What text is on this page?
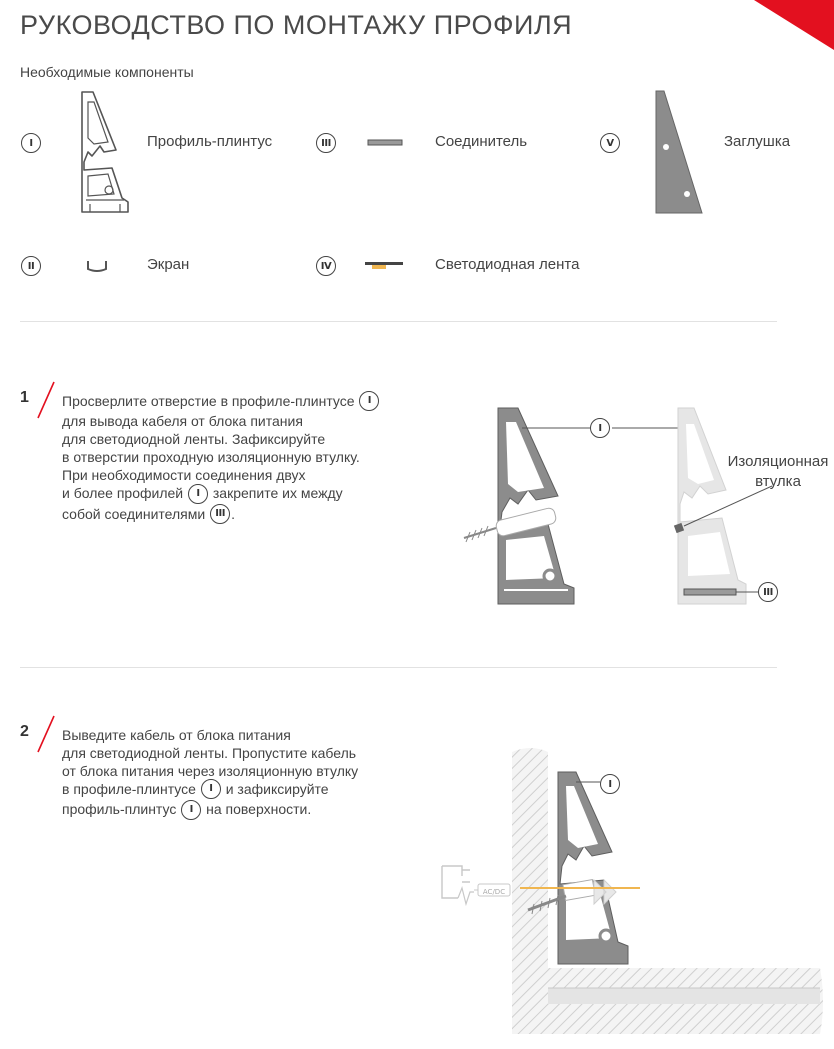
РУКОВОДСТВО ПО МОНТАЖУ ПРОФИЛЯ
Необходимые компоненты
I	Профиль-плинтус	III	Соединитель	V	Заглушка
II	Экран	IV	Светодиодная лента
1 Просверлите отверстие в профиле-плинтусе I
для вывода кабеля от блока питания
для светодиодной ленты. Зафиксируйте
в отверстии проходную изоляционную втулку.
При необходимости соединения двух
и более профилей I закрепите их между
собой соединителями III .
I
III
Изоляционная
втулка
2 Выведите кабель от блока питания
для светодиодной ленты. Пропустите кабель
от блока питания через изоляционную втулку
в профиле-плинтусе I и зафиксируйте
профиль-плинтус I на поверхности.
AC/DC
I
